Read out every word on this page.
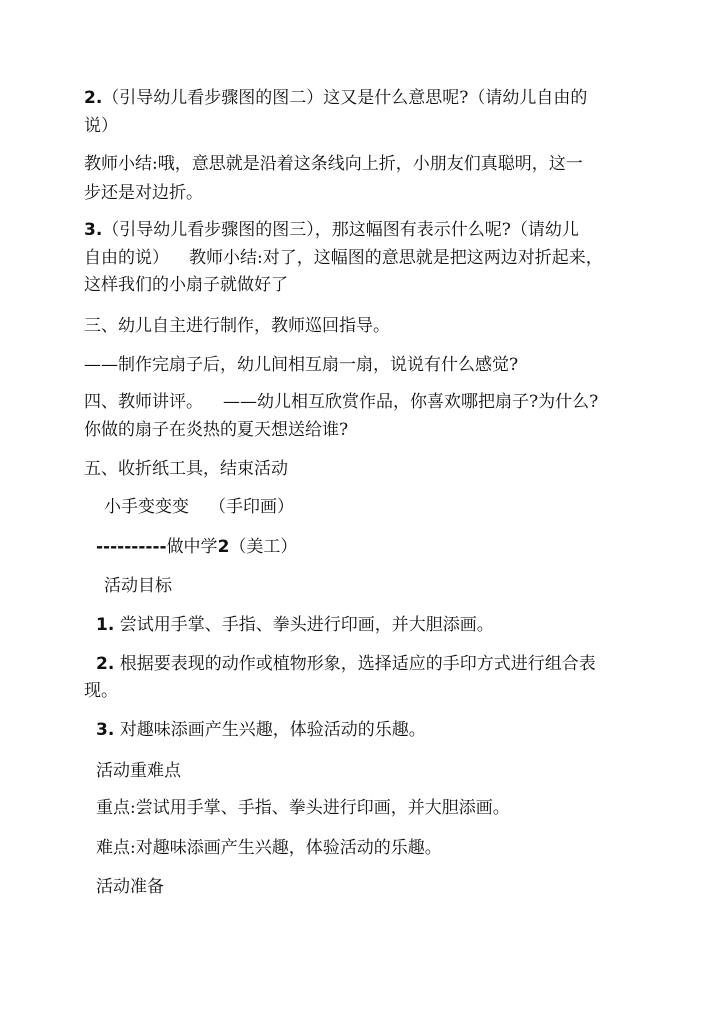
2.（引导幼儿看步骤图的图二）这又是什么意思呢?（请幼儿自由的

说）

教师小结:哦，意思就是沿着这条线向上折，小朋友们真聪明，这一

步还是对边折。

3.（引导幼儿看步骤图的图三），那这幅图有表示什么呢?（请幼儿

自由的说） 教师小结:对了，这幅图的意思就是把这两边对折起来，

这样我们的小扇子就做好了

三、幼儿自主进行制作，教师巡回指导。

——制作完扇子后，幼儿间相互扇一扇，说说有什么感觉?

四、教师讲评。 ——幼儿相互欣赏作品，你喜欢哪把扇子?为什么?

你做的扇子在炎热的夏天想送给谁?

五、收折纸工具，结束活动

小手变变变 （手印画）

----------做中学2（美工）

活动目标

1. 尝试用手掌、手指、拳头进行印画，并大胆添画。

2. 根据要表现的动作或植物形象，选择适应的手印方式进行组合表

现。

3. 对趣味添画产生兴趣，体验活动的乐趣。

活动重难点

重点:尝试用手掌、手指、拳头进行印画，并大胆添画。

难点:对趣味添画产生兴趣，体验活动的乐趣。

活动准备
